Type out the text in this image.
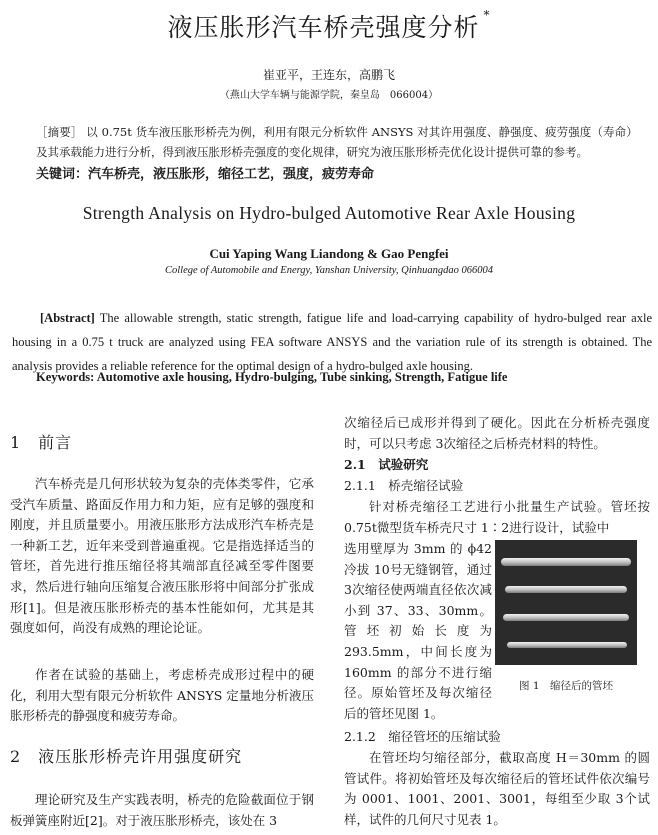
液压胀形汽车桥壳强度分析 *
崔亚平，王连东，高鹏飞
（燕山大学车辆与能源学院，秦皇岛　066004）
［摘要］ 以 0.75t 货车液压胀形桥壳为例，利用有限元分析软件 ANSYS 对其许用强度、静强度、疲劳强度（寿命）及其承载能力进行分析，得到液压胀形桥壳强度的变化规律，研究为液压胀形桥壳优化设计提供可靠的参考。
关键词：汽车桥壳，液压胀形，缩径工艺，强度，疲劳寿命
Strength Analysis on Hydro-bulged Automotive Rear Axle Housing
Cui Yaping Wang Liandong & Gao Pengfei
College of Automobile and Energy, Yanshan University, Qinhuangdao 066004
[Abstract] The allowable strength, static strength, fatigue life and load-carrying capability of hydro-bulged rear axle housing in a 0.75 t truck are analyzed using FEA software ANSYS and the variation rule of its strength is obtained. The analysis provides a reliable reference for the optimal design of a hydro-bulged axle housing.
Keywords: Automotive axle housing, Hydro-bulging, Tube sinking, Strength, Fatigue life
1　前言
汽车桥壳是几何形状较为复杂的壳体类零件，它承受汽车质量、路面反作用力和力矩，应有足够的强度和刚度，并且质量要小。用液压胀形方法成形汽车桥壳是一种新工艺，近年来受到普遍重视。它是指选择适当的管坯，首先进行推压缩径将其端部直径减至零件图要求，然后进行轴向压缩复合液压胀形将中间部分扩张成形[1]。但是液压胀形桥壳的基本性能如何，尤其是其强度如何，尚没有成熟的理论论证。
作者在试验的基础上，考虑桥壳成形过程中的硬化，利用大型有限元分析软件 ANSYS 定量地分析液压胀形桥壳的静强度和疲劳寿命。
2　液压胀形桥壳许用强度研究
理论研究及生产实践表明，桥壳的危险截面位于钢板弹簧座附近[2]。对于液压胀形桥壳，该处在 3
次缩径后已成形并得到了硬化。因此在分析桥壳强度时，可以只考虑 3次缩径之后桥壳材料的特性。
2.1　试验研究
2.1.1　桥壳缩径试验
针对桥壳缩径工艺进行小批量生产试验。管坯按 0.75t微型货车桥壳尺寸 1∶2进行设计，试验中
选用壁厚为 3mm 的 ϕ42 冷拔 10号无缝钢管，通过 3次缩径使两端直径依次减小到 37、33、30mm。管坯初始长度为 293.5mm，中间长度为 160mm 的部分不进行缩径。原始管坯及每次缩径后的管坯见图 1。
图 1　缩径后的管坯
2.1.2　缩径管坯的压缩试验
在管坯均匀缩径部分，截取高度 H＝30mm 的圆管试件。将初始管坯及每次缩径后的管坯试件依次编号为 0001、1001、2001、3001，每组至少取 3个试样，试件的几何尺寸见表 1。
